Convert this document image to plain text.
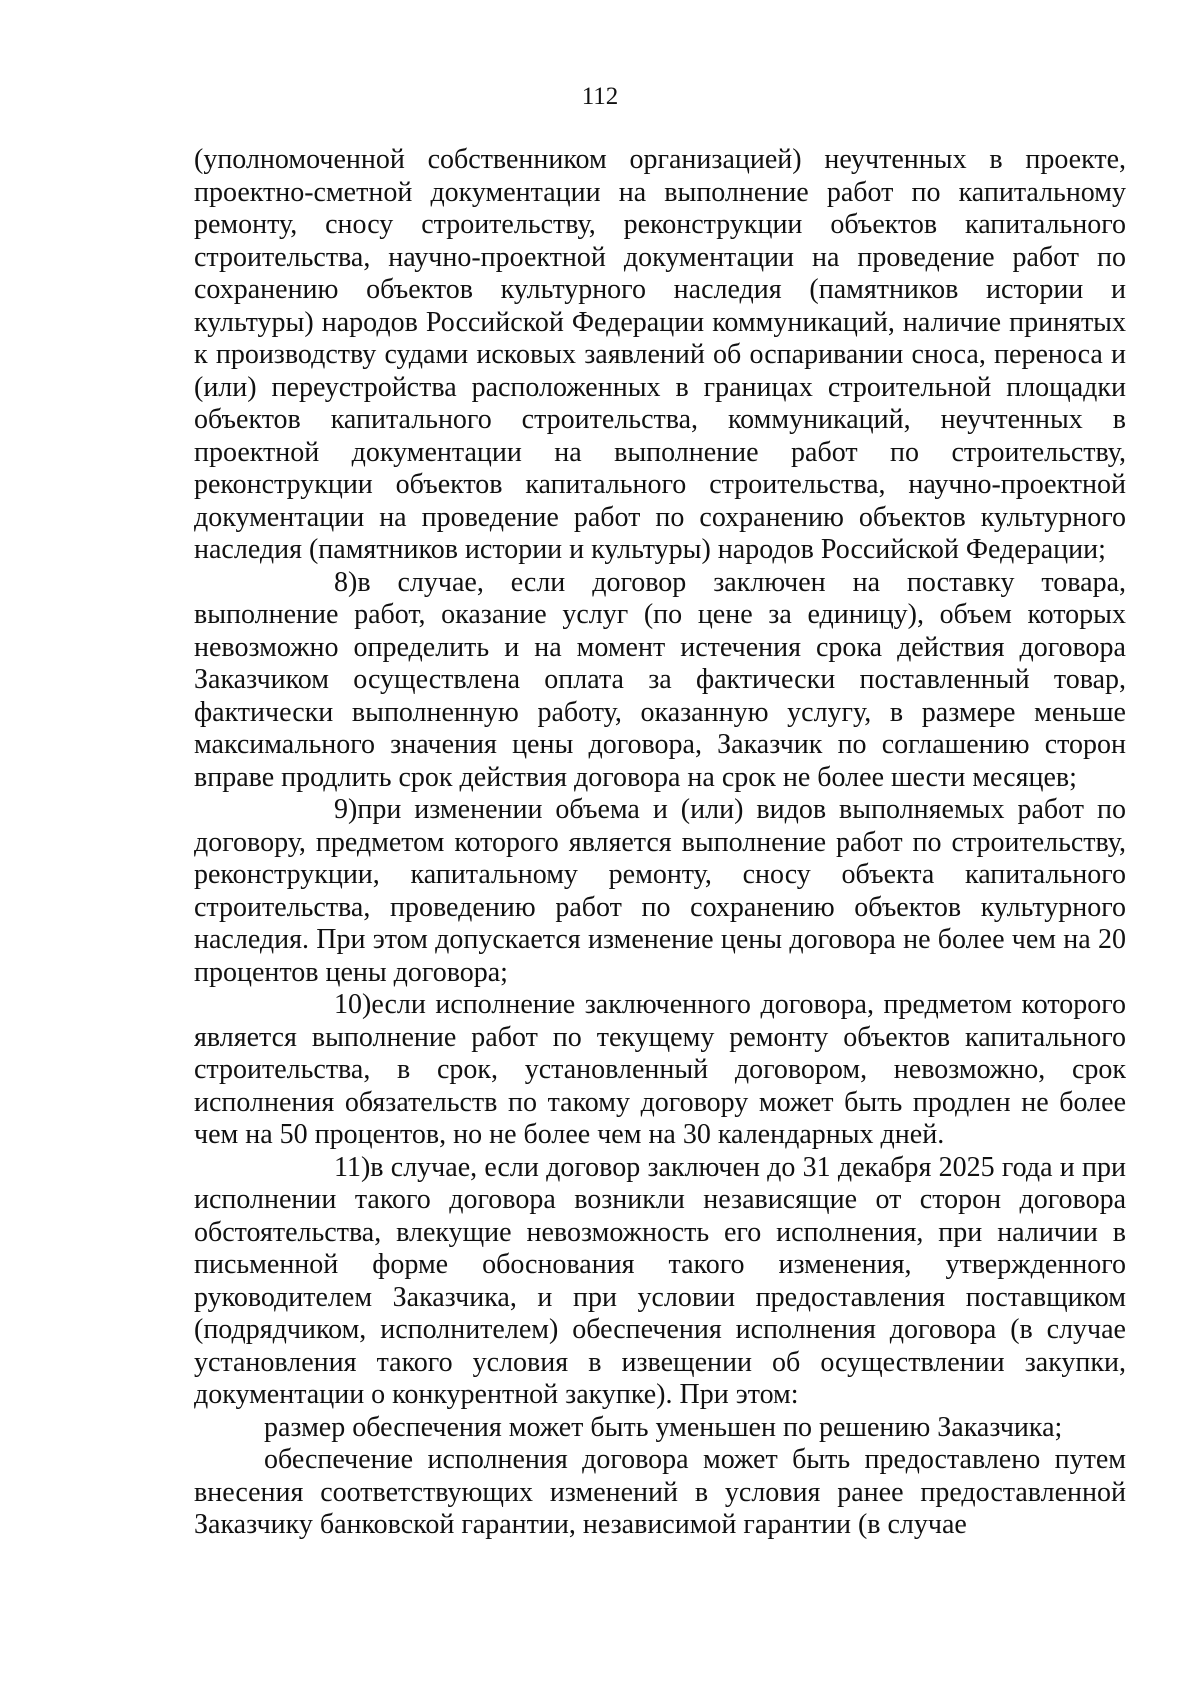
112

(уполномоченной собственником организацией) неучтенных в проекте, проектно-сметной документации на выполнение работ по капитальному ремонту, сносу строительству, реконструкции объектов капитального строительства, научно-проектной документации на проведение работ по сохранению объектов культурного наследия (памятников истории и культуры) народов Российской Федерации коммуникаций, наличие принятых к производству судами исковых заявлений об оспаривании сноса, переноса и (или) переустройства расположенных в границах строительной площадки объектов капитального строительства, коммуникаций, неучтенных в проектной документации на выполнение работ по строительству, реконструкции объектов капитального строительства, научно-проектной документации на проведение работ по сохранению объектов культурного наследия (памятников истории и культуры) народов Российской Федерации;

8)в случае, если договор заключен на поставку товара, выполнение работ, оказание услуг (по цене за единицу), объем которых невозможно определить и на момент истечения срока действия договора Заказчиком осуществлена оплата за фактически поставленный товар, фактически выполненную работу, оказанную услугу, в размере меньше максимального значения цены договора, Заказчик по соглашению сторон вправе продлить срок действия договора на срок не более шести месяцев;

9)при изменении объема и (или) видов выполняемых работ по договору, предметом которого является выполнение работ по строительству, реконструкции, капитальному ремонту, сносу объекта капитального строительства, проведению работ по сохранению объектов культурного наследия. При этом допускается изменение цены договора не более чем на 20 процентов цены договора;

10)если исполнение заключенного договора, предметом которого является выполнение работ по текущему ремонту объектов капитального строительства, в срок, установленный договором, невозможно, срок исполнения обязательств по такому договору может быть продлен не более чем на 50 процентов, но не более чем на 30 календарных дней.

11)в случае, если договор заключен до 31 декабря 2025 года и при исполнении такого договора возникли независящие от сторон договора обстоятельства, влекущие невозможность его исполнения, при наличии в письменной форме обоснования такого изменения, утвержденного руководителем Заказчика, и при условии предоставления поставщиком (подрядчиком, исполнителем) обеспечения исполнения договора (в случае установления такого условия в извещении об осуществлении закупки, документации о конкурентной закупке). При этом:

размер обеспечения может быть уменьшен по решению Заказчика;

обеспечение исполнения договора может быть предоставлено путем внесения соответствующих изменений в условия ранее предоставленной Заказчику банковской гарантии, независимой гарантии (в случае
